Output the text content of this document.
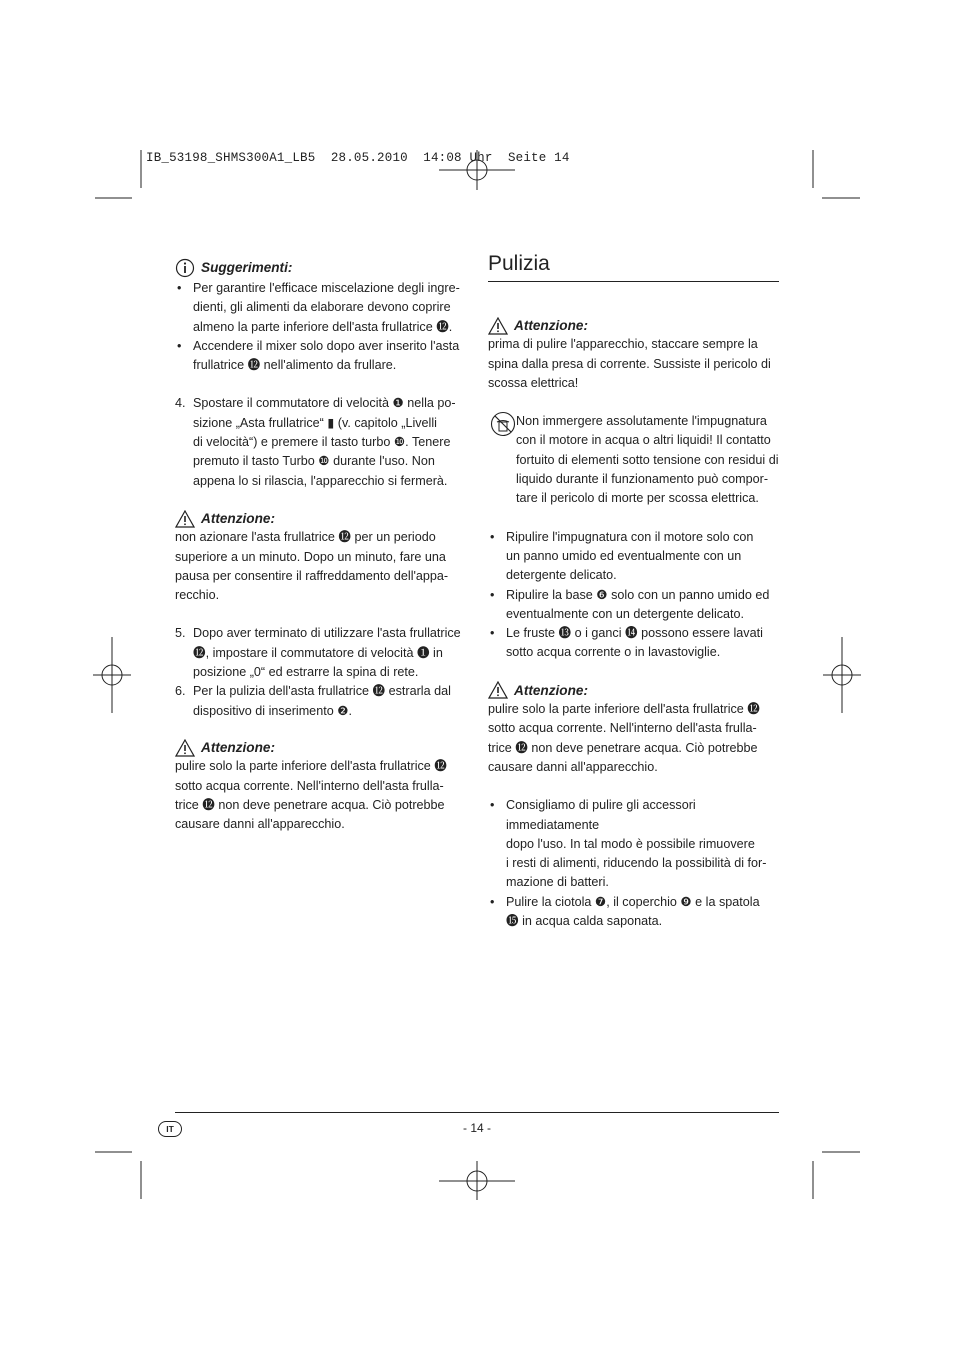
IB_53198_SHMS300A1_LB5  28.05.2010  14:08 Uhr  Seite 14
Suggerimenti:

• Per garantire l'efficace miscelazione degli ingre-

dienti, gli alimenti da elaborare devono coprire

almeno la parte inferiore dell'asta frullatrice ⓬.

• Accendere il mixer solo dopo aver inserito l'asta

frullatrice ⓬ nell'alimento da frullare.

4. Spostare il commutatore di velocità ❶ nella po-

sizione „Asta frullatrice“ ▮ (v. capitolo „Livelli

di velocità“) e premere il tasto turbo ❿. Tenere

premuto il tasto Turbo ❿ durante l'uso. Non

appena lo si rilascia, l'apparecchio si fermerà.

Attenzione:

non azionare l'asta frullatrice ⓬ per un periodo

superiore a un minuto. Dopo un minuto, fare una

pausa per consentire il raffreddamento dell'appa-

recchio.

5. Dopo aver terminato di utilizzare l'asta frullatrice

⓬, impostare il commutatore di velocità ❶ in

posizione „0“ ed estrarre la spina di rete.

6. Per la pulizia dell'asta frullatrice ⓬ estrarla dal

dispositivo di inserimento ❷.

Attenzione:

pulire solo la parte inferiore dell'asta frullatrice ⓬

sotto acqua corrente. Nell'interno dell'asta frulla-

trice ⓬ non deve penetrare acqua. Ciò potrebbe

causare danni all'apparecchio.

Pulizia
Attenzione:

prima di pulire l'apparecchio, staccare sempre la

spina dalla presa di corrente. Sussiste il pericolo di

scossa elettrica!

Non immergere assolutamente l'impugnatura

con il motore in acqua o altri liquidi! Il contatto

fortuito di elementi sotto tensione con residui di

liquido durante il funzionamento può compor-

tare il pericolo di morte per scossa elettrica.

• Ripulire l'impugnatura con il motore solo con

un panno umido ed eventualmente con un

detergente delicato.

• Ripulire la base ❻ solo con un panno umido ed

eventualmente con un detergente delicato.

• Le fruste ⓭ o i ganci ⓮ possono essere lavati

sotto acqua corrente o in lavastoviglie.

Attenzione:

pulire solo la parte inferiore dell'asta frullatrice ⓬

sotto acqua corrente. Nell'interno dell'asta frulla-

trice ⓬ non deve penetrare acqua. Ciò potrebbe

causare danni all'apparecchio.

• Consigliamo di pulire gli accessori immediatamente

dopo l'uso. In tal modo è possibile rimuovere

i resti di alimenti, riducendo la possibilità di for-

mazione di batteri.

• Pulire la ciotola ❼, il coperchio ❾ e la spatola

⓯ in acqua calda saponata.

IT	- 14 -
